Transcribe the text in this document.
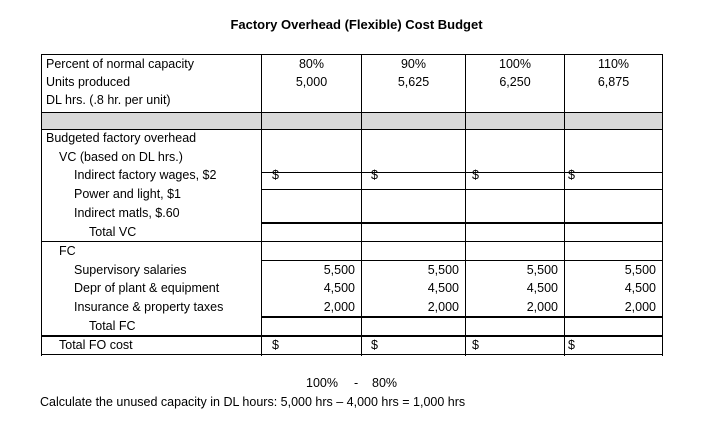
Factory Overhead (Flexible) Cost Budget
Percent of normal capacity
Units produced
DL hrs. (.8 hr. per unit)
Budgeted factory overhead
VC (based on DL hrs.)
Indirect factory wages, $2
Power and light, $1
Indirect matls, $.60
Total VC
FC
Supervisory salaries
Depr of plant & equipment
Insurance & property taxes
Total FC
Total FO cost
80%
5,000
$
5,500
4,500
2,000
$
90%
5,625
$
5,500
4,500
2,000
$
100%
6,250
$
5,500
4,500
2,000
$
110%
6,875
$
5,500
4,500
2,000
$
100% - 80%
Calculate the unused capacity in DL hours: 5,000 hrs – 4,000 hrs = 1,000 hrs
